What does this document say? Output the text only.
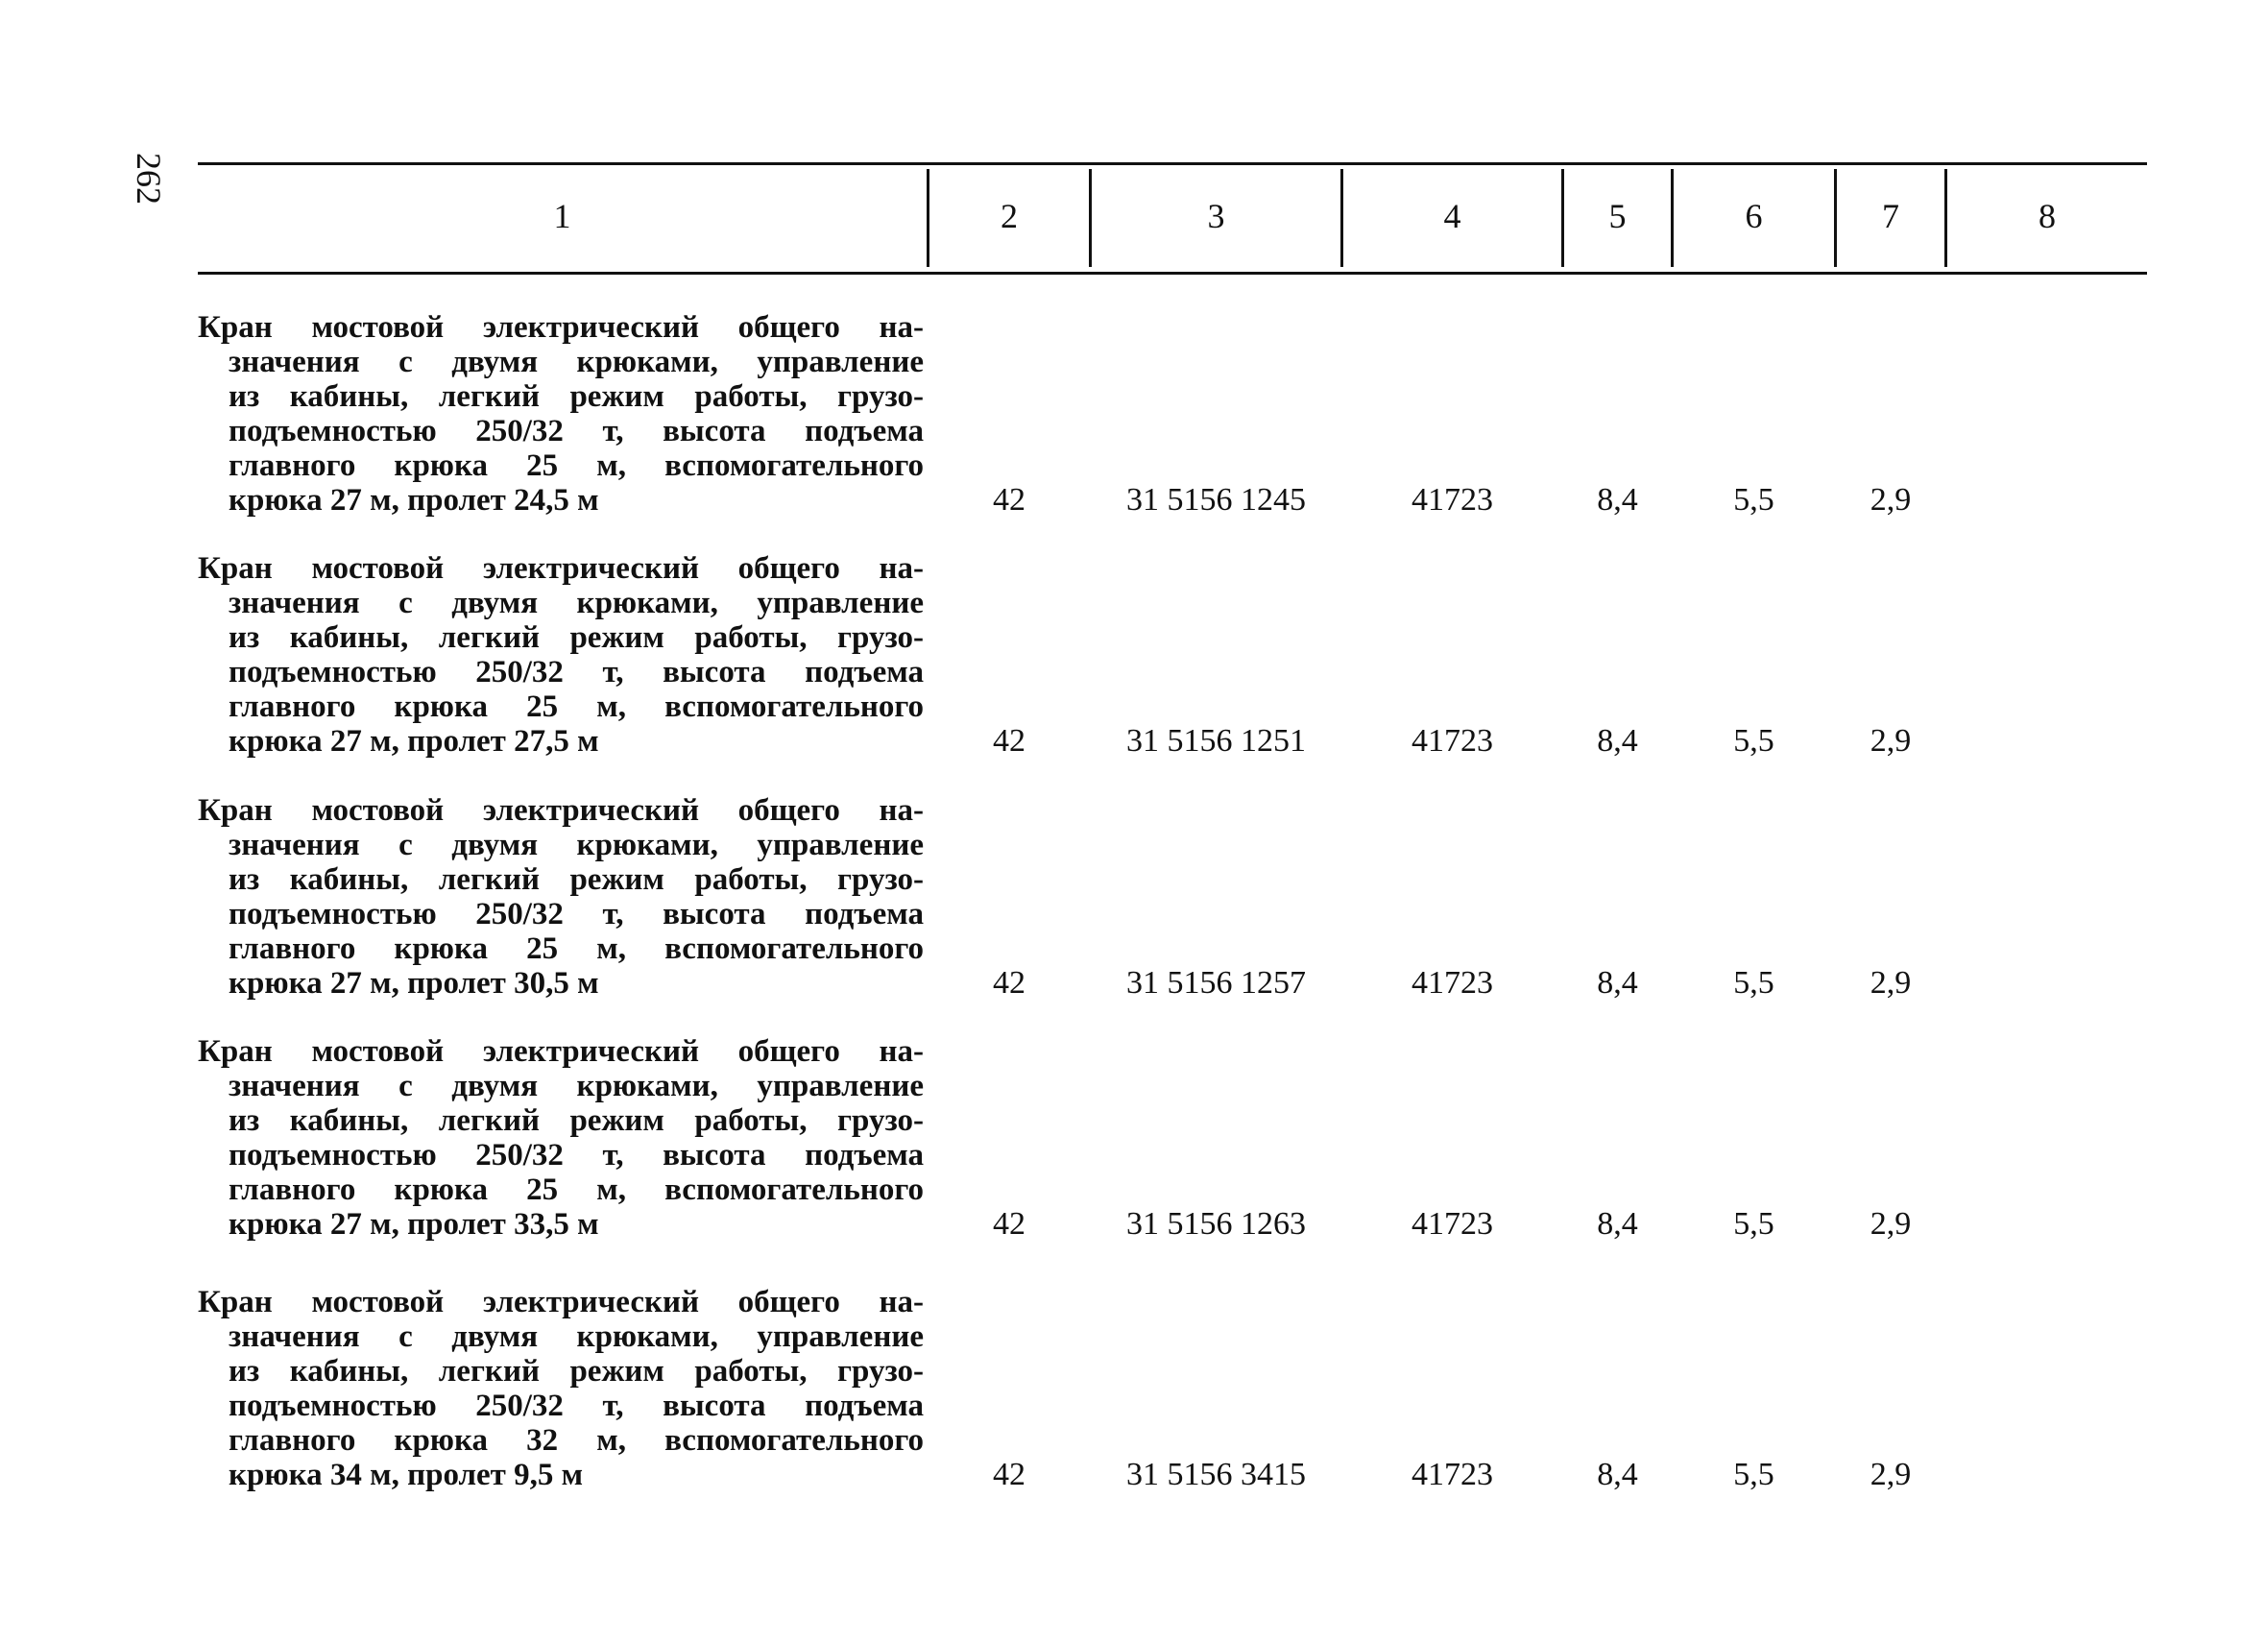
262
1	2	3	4	5	6	7	8
Кран мостовой электрический общего на-
значения с двумя крюками, управление
из кабины, легкий режим работы, грузо-
подъемностью 250/32 т, высота подъема
главного крюка 25 м, вспомогательного
крюка 27 м, пролет 24,5 м	42	31 5156 1245	41723	8,4	5,5	2,9
Кран мостовой электрический общего на-
значения с двумя крюками, управление
из кабины, легкий режим работы, грузо-
подъемностью 250/32 т, высота подъема
главного крюка 25 м, вспомогательного
крюка 27 м, пролет 27,5 м	42	31 5156 1251	41723	8,4	5,5	2,9
Кран мостовой электрический общего на-
значения с двумя крюками, управление
из кабины, легкий режим работы, грузо-
подъемностью 250/32 т, высота подъема
главного крюка 25 м, вспомогательного
крюка 27 м, пролет 30,5 м	42	31 5156 1257	41723	8,4	5,5	2,9
Кран мостовой электрический общего на-
значения с двумя крюками, управление
из кабины, легкий режим работы, грузо-
подъемностью 250/32 т, высота подъема
главного крюка 25 м, вспомогательного
крюка 27 м, пролет 33,5 м	42	31 5156 1263	41723	8,4	5,5	2,9
Кран мостовой электрический общего на-
значения с двумя крюками, управление
из кабины, легкий режим работы, грузо-
подъемностью 250/32 т, высота подъема
главного крюка 32 м, вспомогательного
крюка 34 м, пролет 9,5 м	42	31 5156 3415	41723	8,4	5,5	2,9
